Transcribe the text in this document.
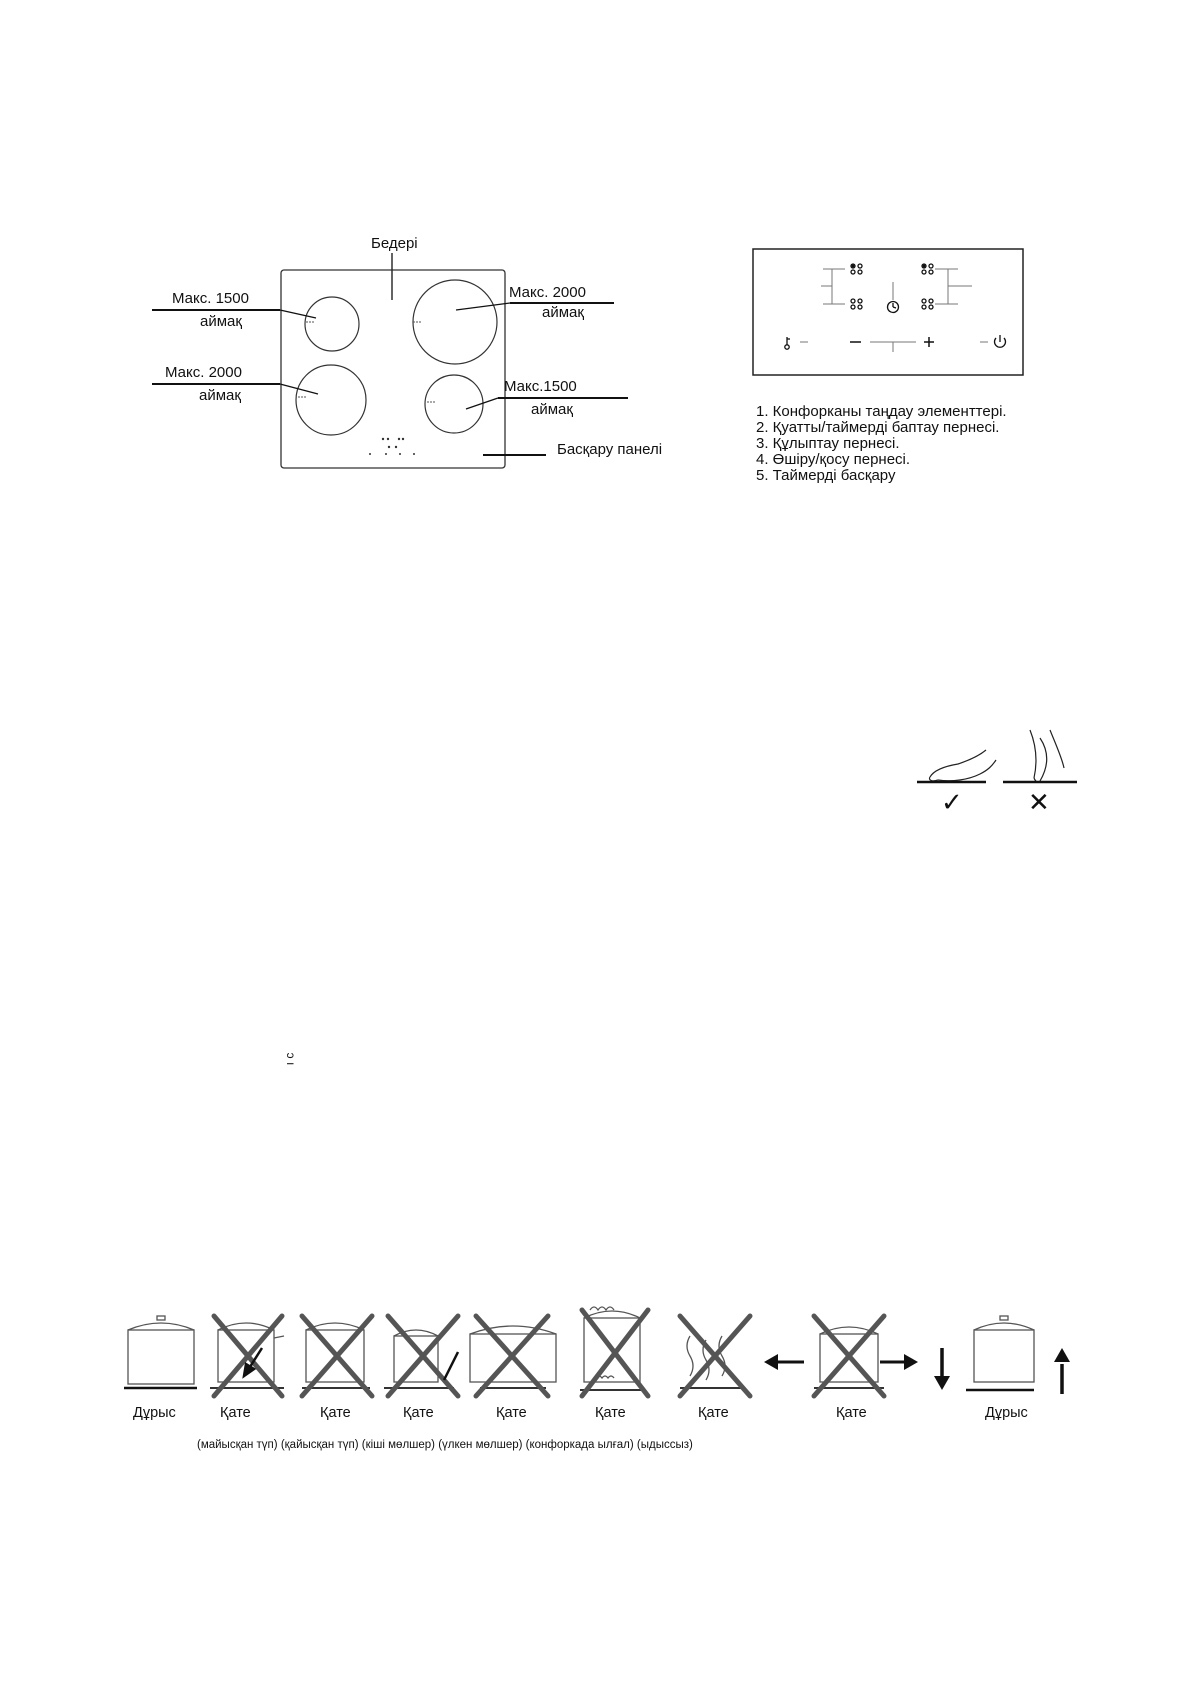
Бедері
Макс. 1500
аймақ
Макс. 2000
аймақ
Макс. 2000
аймақ
Макс.1500
аймақ
Басқару панелі
1. Конфорканы таңдау элементтері.
2. Қуатты/таймерді баптау пернесі.
3. Құлыптау пернесі.
4. Өшіру/қосу пернесі.
5. Таймерді басқару
✓	✕
ı c
Дұрыс	Қате	Қате	Қате	Қате	Қате	Қате	Қате	Дұрыс
(майысқан түп) (қайысқан түп) (кіші мөлшер) (үлкен мөлшер) (конфоркада ылғал) (ыдыссыз)
